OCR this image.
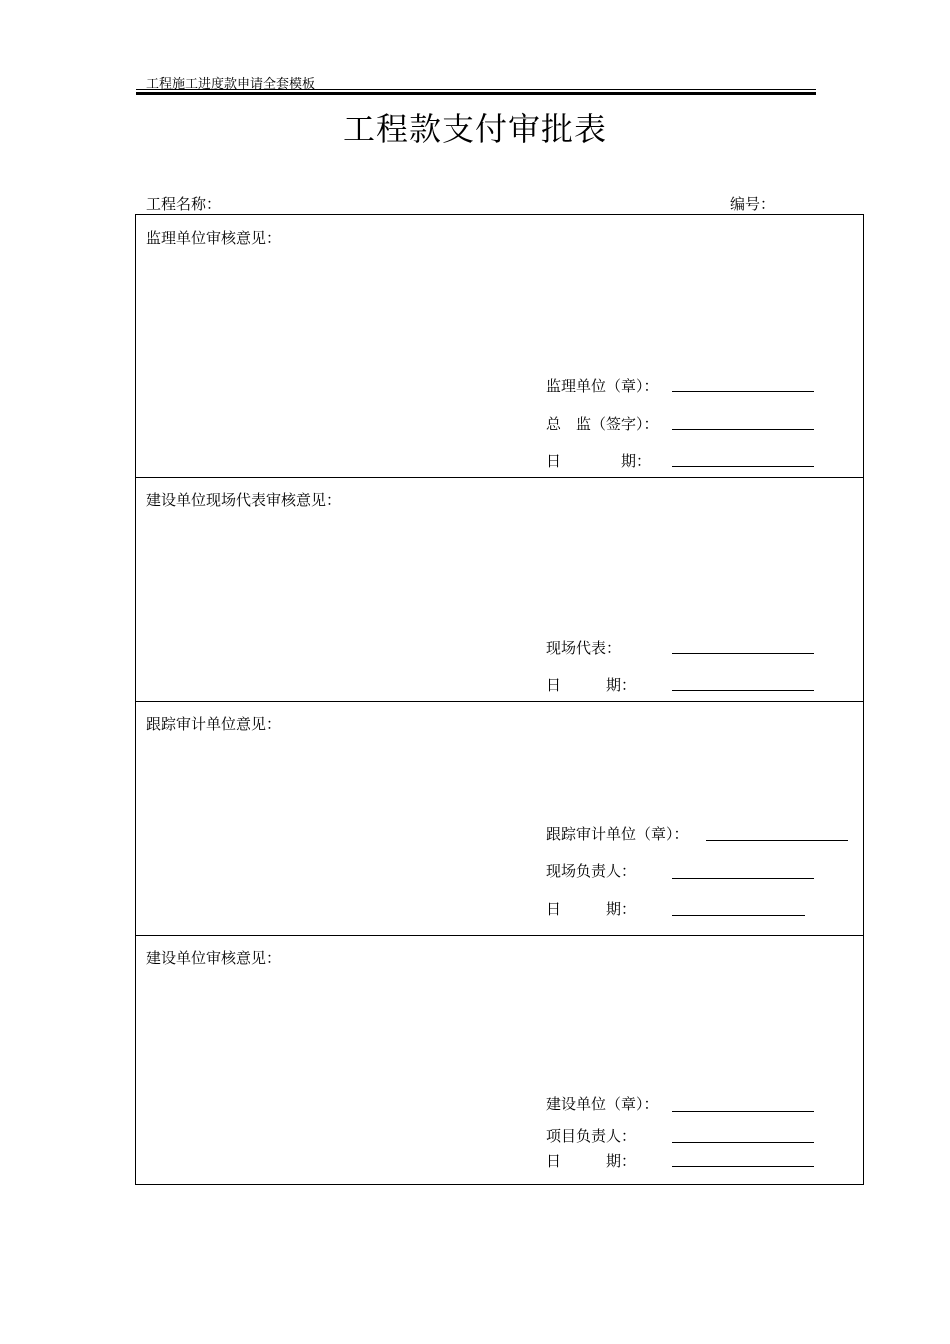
工程施工进度款申请全套模板
工程款支付审批表
工程名称：	编号：
监理单位审核意见：
监理单位（章）：
总　监（签字）：
日　　　　期：
建设单位现场代表审核意见：
现场代表：
日　　　期：
跟踪审计单位意见：
跟踪审计单位（章）：
现场负责人：
日　　　期：
建设单位审核意见：
建设单位（章）：
项目负责人：
日　　　期：
